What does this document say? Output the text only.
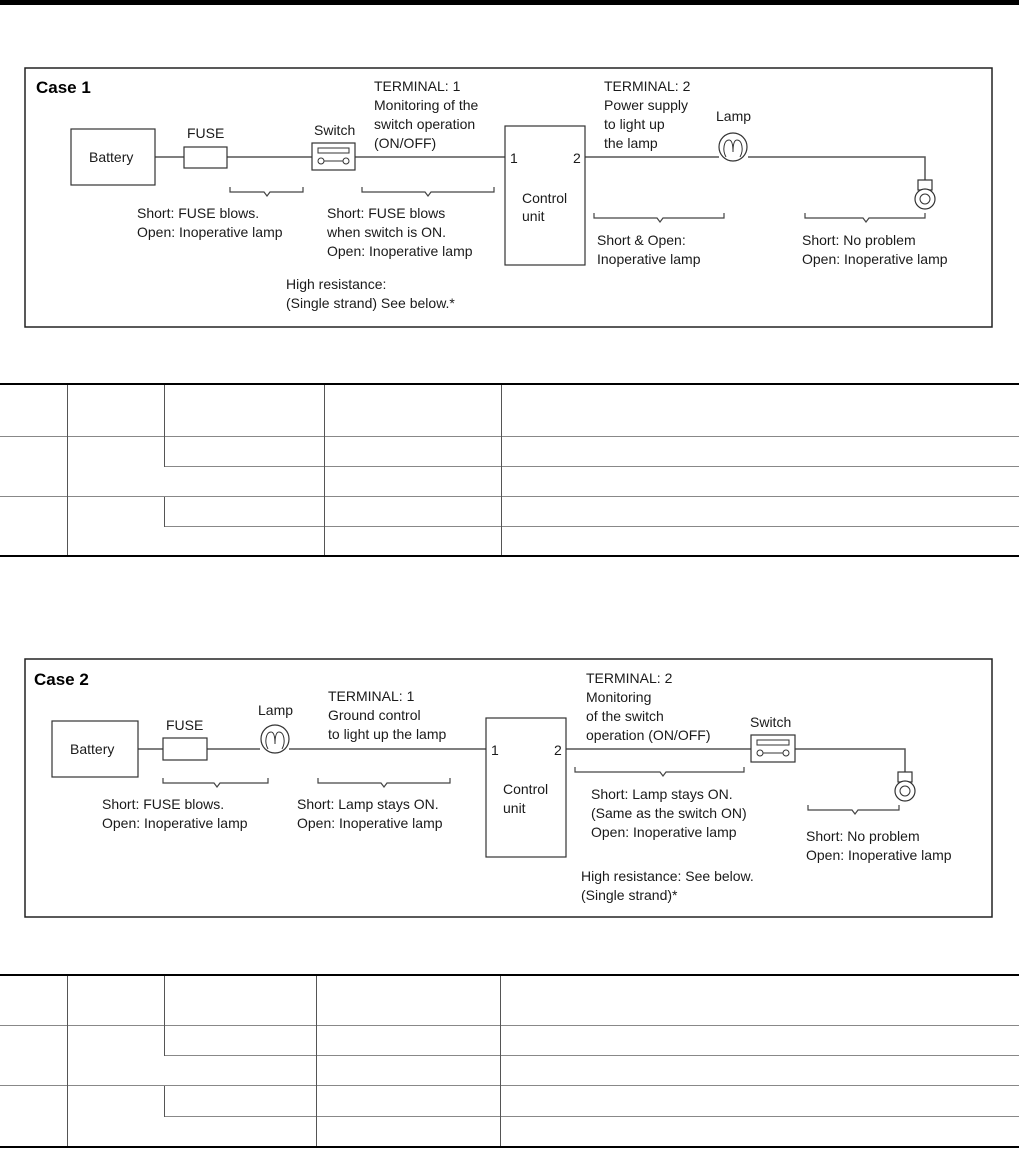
Case 1
Battery
FUSE	Switch
Control
unit
1	2
Lamp
TERMINAL: 1
Monitoring of the
switch operation
(ON/OFF)
TERMINAL: 2
Power supply
to light up
the lamp
Short: FUSE blows.
Open: Inoperative lamp
Short: FUSE blows
when switch is ON.
Open: Inoperative lamp
High resistance:
(Single strand) See below.*
Short & Open:
Inoperative lamp
Short: No problem
Open: Inoperative lamp

Case 2
Battery
FUSE
Lamp
Control
unit
1	2
Switch
TERMINAL: 1
Ground control
to light up the lamp
TERMINAL: 2
Monitoring
of the switch
operation (ON/OFF)
Short: FUSE blows.
Open: Inoperative lamp
Short: Lamp stays ON.
Open: Inoperative lamp
Short: Lamp stays ON.
(Same as the switch ON)
Open: Inoperative lamp
High resistance: See below.
(Single strand)*
Short: No problem
Open: Inoperative lamp
